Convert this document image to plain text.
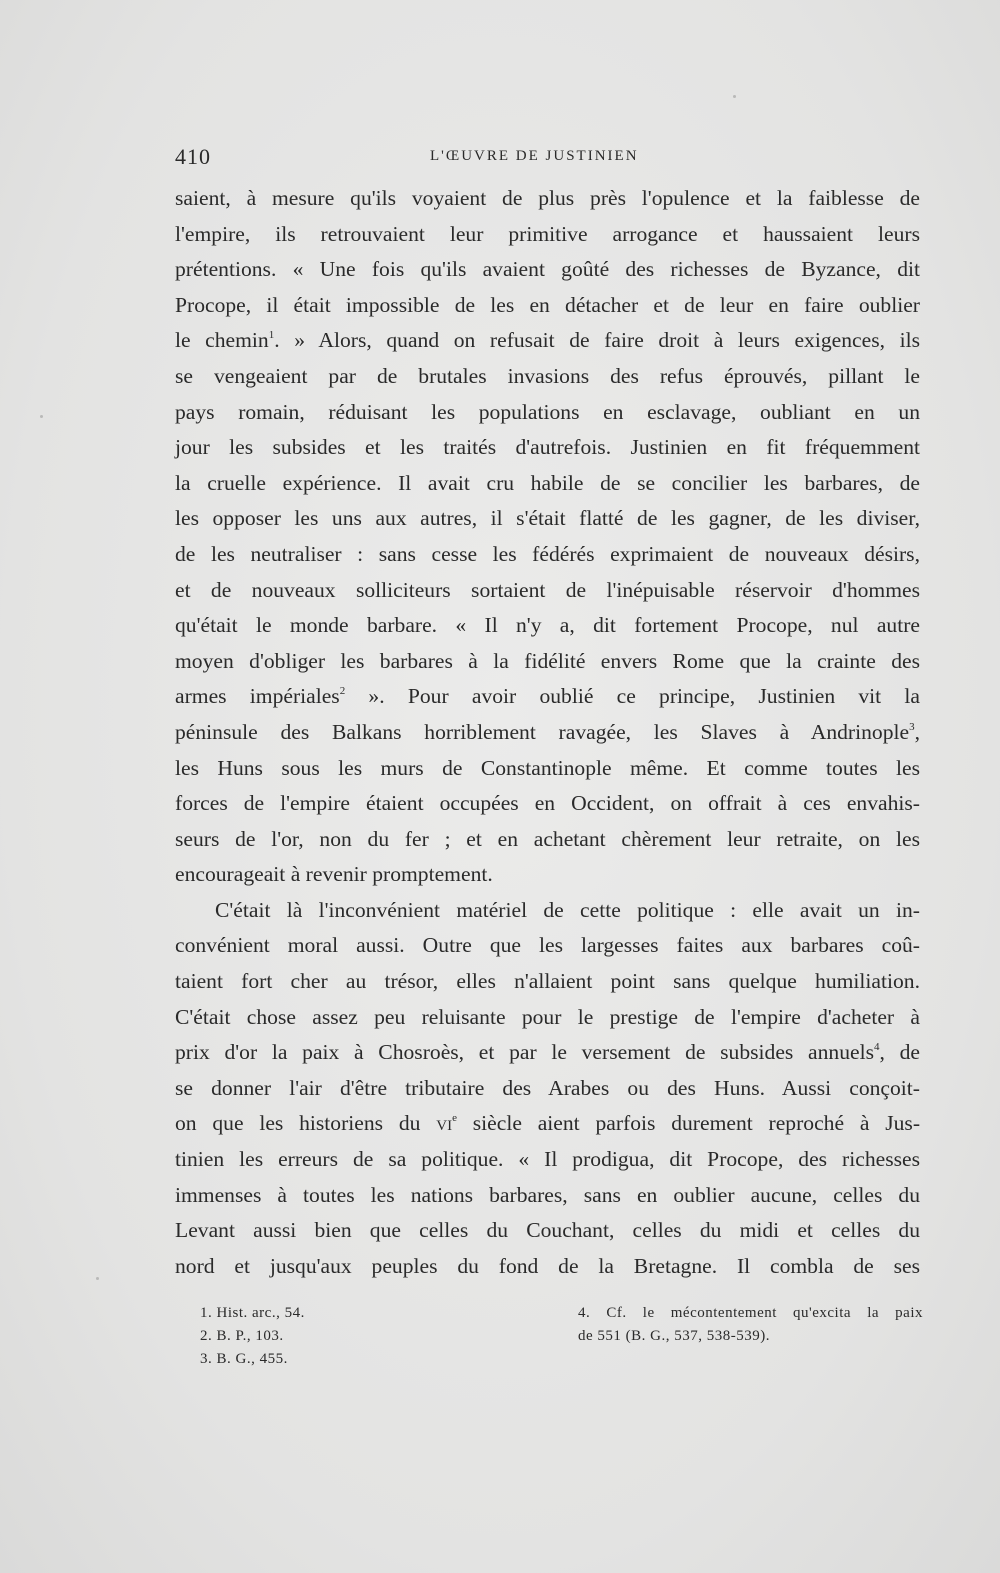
410	L'ŒUVRE DE JUSTINIEN
saient, à mesure qu'ils voyaient de plus près l'opulence et la faiblesse de
l'empire, ils retrouvaient leur primitive arrogance et haussaient leurs
prétentions. « Une fois qu'ils avaient goûté des richesses de Byzance, dit
Procope, il était impossible de les en détacher et de leur en faire oublier
le chemin$^1$. » Alors, quand on refusait de faire droit à leurs exigences, ils
se vengeaient par de brutales invasions des refus éprouvés, pillant le
pays romain, réduisant les populations en esclavage, oubliant en un
jour les subsides et les traités d'autrefois. Justinien en fit fréquemment
la cruelle expérience. Il avait cru habile de se concilier les barbares, de
les opposer les uns aux autres, il s'était flatté de les gagner, de les diviser,
de les neutraliser : sans cesse les fédérés exprimaient de nouveaux désirs,
et de nouveaux solliciteurs sortaient de l'inépuisable réservoir d'hommes
qu'était le monde barbare. « Il n'y a, dit fortement Procope, nul autre
moyen d'obliger les barbares à la fidélité envers Rome que la crainte des
armes impériales$^2$ ». Pour avoir oublié ce principe, Justinien vit la
péninsule des Balkans horriblement ravagée, les Slaves à Andrinople$^3$,
les Huns sous les murs de Constantinople même. Et comme toutes les
forces de l'empire étaient occupées en Occident, on offrait à ces envahis-
seurs de l'or, non du fer ; et en achetant chèrement leur retraite, on les
encourageait à revenir promptement.
C'était là l'inconvénient matériel de cette politique : elle avait un in-
convénient moral aussi. Outre que les largesses faites aux barbares coû-
taient fort cher au trésor, elles n'allaient point sans quelque humiliation.
C'était chose assez peu reluisante pour le prestige de l'empire d'acheter à
prix d'or la paix à Chosroès, et par le versement de subsides annuels$^4$, de
se donner l'air d'être tributaire des Arabes ou des Huns. Aussi conçoit-
on que les historiens du $vi^e$ siècle aient parfois durement reproché à Jus-
tinien les erreurs de sa politique. « Il prodigua, dit Procope, des richesses
immenses à toutes les nations barbares, sans en oublier aucune, celles du
Levant aussi bien que celles du Couchant, celles du midi et celles du
nord et jusqu'aux peuples du fond de la Bretagne. Il combla de ses
1. Hist. arc., 54.
2. B. P., 103.
3. B. G., 455.
4. Cf. le mécontentement qu'excita la paix
de 551 (B. G., 537, 538-539).
